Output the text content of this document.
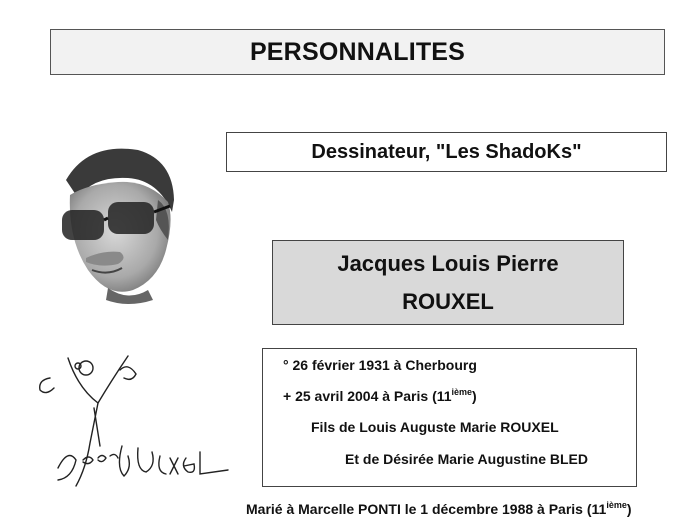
PERSONNALITES
Dessinateur, "Les ShadoKs"
Jacques Louis Pierre
ROUXEL
Jacques ROUXEL
° 26 février 1931 à Cherbourg
+ 25 avril 2004 à Paris (11ième)
Fils de Louis Auguste Marie ROUXEL
Et de Désirée Marie Augustine BLED
Marié à Marcelle PONTI le 1 décembre 1988 à Paris (11ième)
